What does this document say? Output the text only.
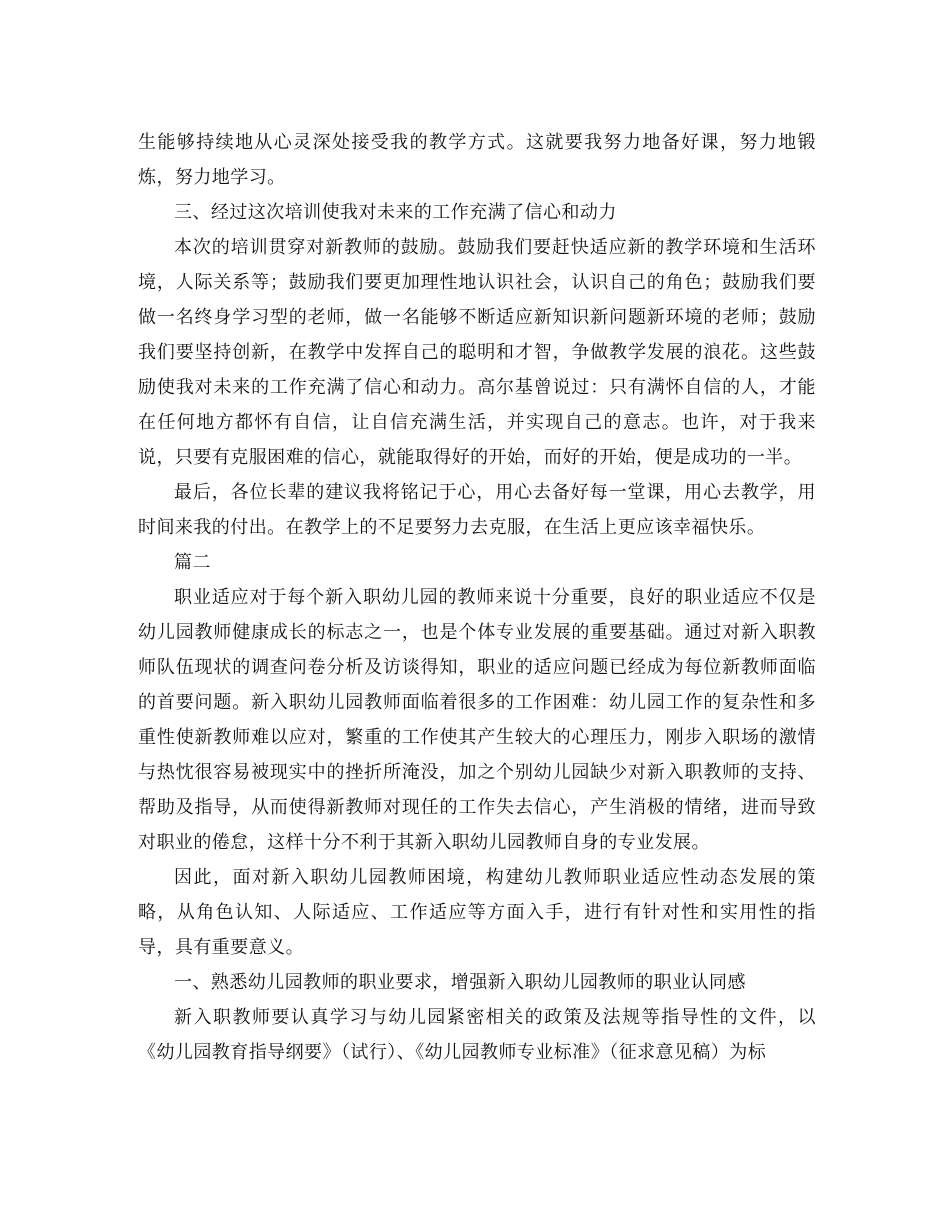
生能够持续地从心灵深处接受我的教学方式。这就要我努力地备好课，努力地锻炼，努力地学习。

三、经过这次培训使我对未来的工作充满了信心和动力

本次的培训贯穿对新教师的鼓励。鼓励我们要赶快适应新的教学环境和生活环境，人际关系等；鼓励我们要更加理性地认识社会，认识自己的角色；鼓励我们要做一名终身学习型的老师，做一名能够不断适应新知识新问题新环境的老师；鼓励我们要坚持创新，在教学中发挥自己的聪明和才智，争做教学发展的浪花。这些鼓励使我对未来的工作充满了信心和动力。高尔基曾说过：只有满怀自信的人，才能在任何地方都怀有自信，让自信充满生活，并实现自己的意志。也许，对于我来说，只要有克服困难的信心，就能取得好的开始，而好的开始，便是成功的一半。

最后，各位长辈的建议我将铭记于心，用心去备好每一堂课，用心去教学，用时间来我的付出。在教学上的不足要努力去克服，在生活上更应该幸福快乐。

篇二

职业适应对于每个新入职幼儿园的教师来说十分重要，良好的职业适应不仅是幼儿园教师健康成长的标志之一，也是个体专业发展的重要基础。通过对新入职教师队伍现状的调查问卷分析及访谈得知，职业的适应问题已经成为每位新教师面临的首要问题。新入职幼儿园教师面临着很多的工作困难：幼儿园工作的复杂性和多重性使新教师难以应对，繁重的工作使其产生较大的心理压力，刚步入职场的激情与热忱很容易被现实中的挫折所淹没，加之个别幼儿园缺少对新入职教师的支持、帮助及指导，从而使得新教师对现任的工作失去信心，产生消极的情绪，进而导致对职业的倦怠，这样十分不利于其新入职幼儿园教师自身的专业发展。

因此，面对新入职幼儿园教师困境，构建幼儿教师职业适应性动态发展的策略，从角色认知、人际适应、工作适应等方面入手，进行有针对性和实用性的指导，具有重要意义。

一、熟悉幼儿园教师的职业要求，增强新入职幼儿园教师的职业认同感

新入职教师要认真学习与幼儿园紧密相关的政策及法规等指导性的文件，以《幼儿园教育指导纲要》（试行）、《幼儿园教师专业标准》（征求意见稿）为标
